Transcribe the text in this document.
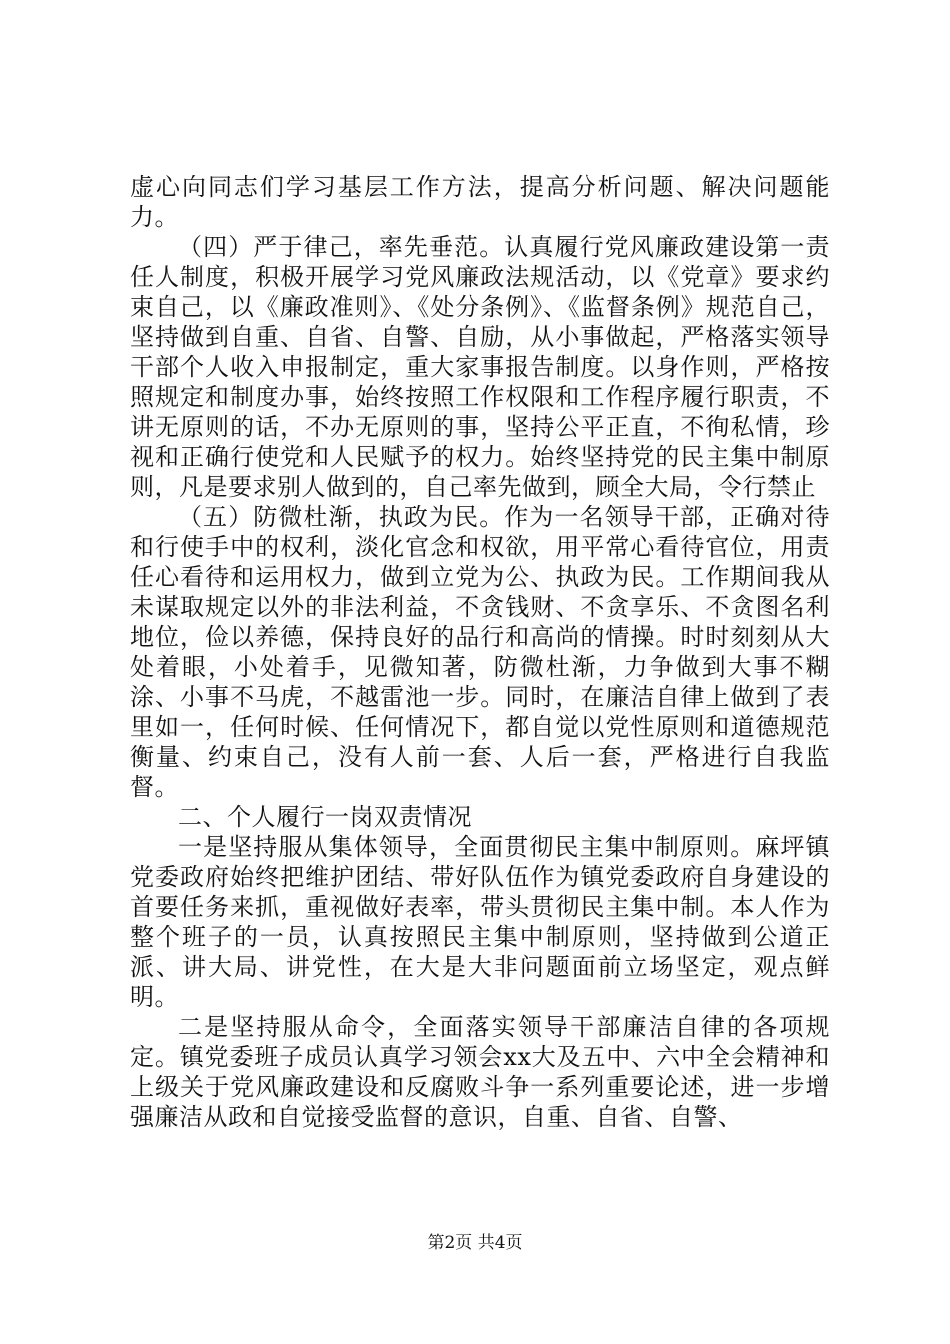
虚心向同志们学习基层工作方法，提高分析问题、解决问题能力。

（四）严于律己，率先垂范。认真履行党风廉政建设第一责任人制度，积极开展学习党风廉政法规活动，以《党章》要求约束自己，以《廉政准则》、《处分条例》、《监督条例》规范自己，坚持做到自重、自省、自警、自励，从小事做起，严格落实领导干部个人收入申报制定，重大家事报告制度。以身作则，严格按照规定和制度办事，始终按照工作权限和工作程序履行职责，不讲无原则的话，不办无原则的事，坚持公平正直，不徇私情，珍视和正确行使党和人民赋予的权力。始终坚持党的民主集中制原则，凡是要求别人做到的，自己率先做到，顾全大局，令行禁止

（五）防微杜渐，执政为民。作为一名领导干部，正确对待和行使手中的权利，淡化官念和权欲，用平常心看待官位，用责任心看待和运用权力，做到立党为公、执政为民。工作期间我从未谋取规定以外的非法利益，不贪钱财、不贪享乐、不贪图名利地位，俭以养德，保持良好的品行和高尚的情操。时时刻刻从大处着眼，小处着手，见微知著，防微杜渐，力争做到大事不糊涂、小事不马虎，不越雷池一步。同时，在廉洁自律上做到了表里如一，任何时候、任何情况下，都自觉以党性原则和道德规范衡量、约束自己，没有人前一套、人后一套，严格进行自我监督。

二、个人履行一岗双责情况

一是坚持服从集体领导，全面贯彻民主集中制原则。麻坪镇党委政府始终把维护团结、带好队伍作为镇党委政府自身建设的首要任务来抓，重视做好表率，带头贯彻民主集中制。本人作为整个班子的一员，认真按照民主集中制原则，坚持做到公道正派、讲大局、讲党性，在大是大非问题面前立场坚定，观点鲜明。

二是坚持服从命令，全面落实领导干部廉洁自律的各项规定。镇党委班子成员认真学习领会xx大及五中、六中全会精神和上级关于党风廉政建设和反腐败斗争一系列重要论述，进一步增强廉洁从政和自觉接受监督的意识，自重、自省、自警、

第2页 共4页
